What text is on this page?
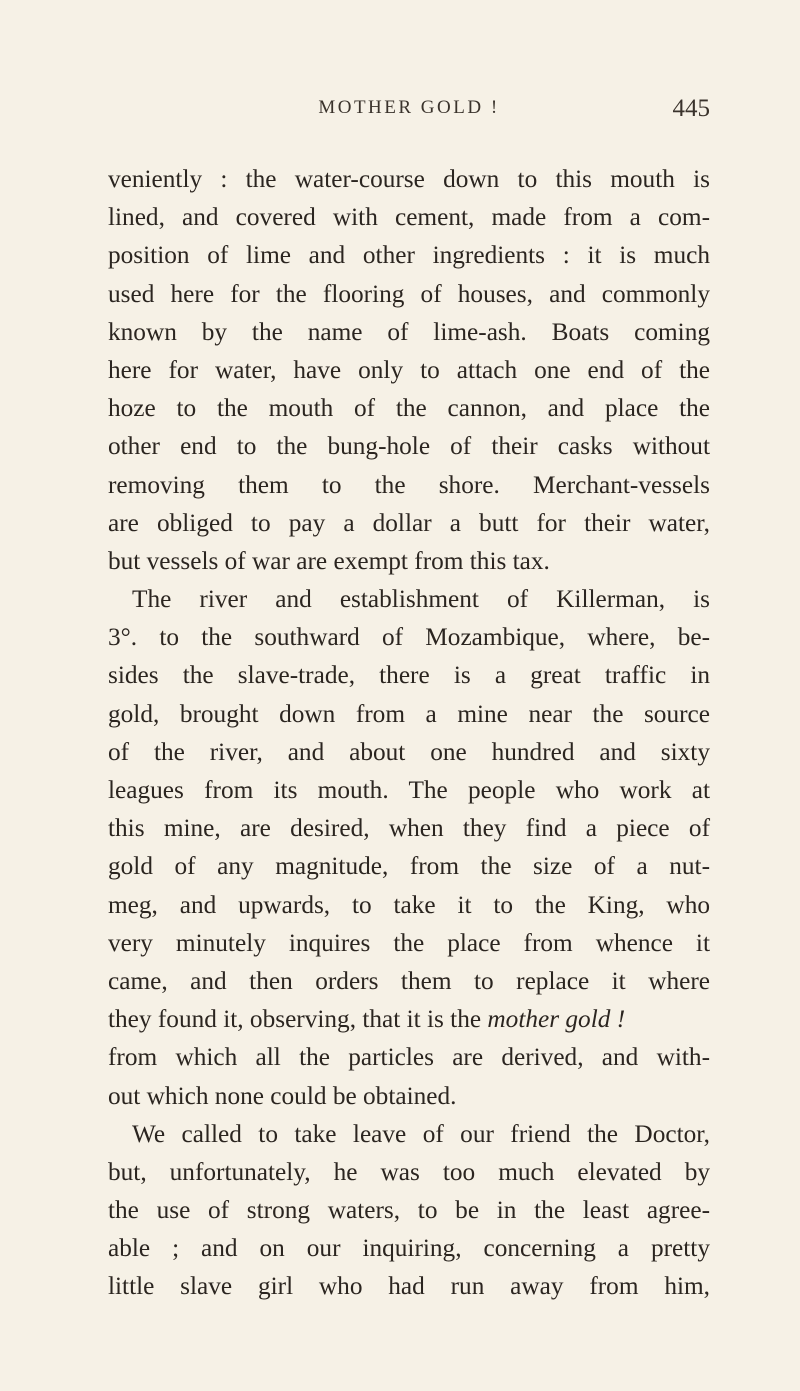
MOTHER GOLD !	445
veniently : the water-course down to this mouth is
lined, and covered with cement, made from a com-
position of lime and other ingredients : it is much
used here for the flooring of houses, and commonly
known by the name of lime-ash. Boats coming
here for water, have only to attach one end of the
hoze to the mouth of the cannon, and place the
other end to the bung-hole of their casks without
removing them to the shore. Merchant-vessels
are obliged to pay a dollar a butt for their water,
but vessels of war are exempt from this tax.
The river and establishment of Killerman, is
3°. to the southward of Mozambique, where, be-
sides the slave-trade, there is a great traffic in
gold, brought down from a mine near the source
of the river, and about one hundred and sixty
leagues from its mouth. The people who work at
this mine, are desired, when they find a piece of
gold of any magnitude, from the size of a nut-
meg, and upwards, to take it to the King, who
very minutely inquires the place from whence it
came, and then orders them to replace it where
they found it, observing, that it is the mother gold !
from which all the particles are derived, and with-
out which none could be obtained.
We called to take leave of our friend the Doctor,
but, unfortunately, he was too much elevated by
the use of strong waters, to be in the least agree-
able ; and on our inquiring, concerning a pretty
little slave girl who had run away from him,
